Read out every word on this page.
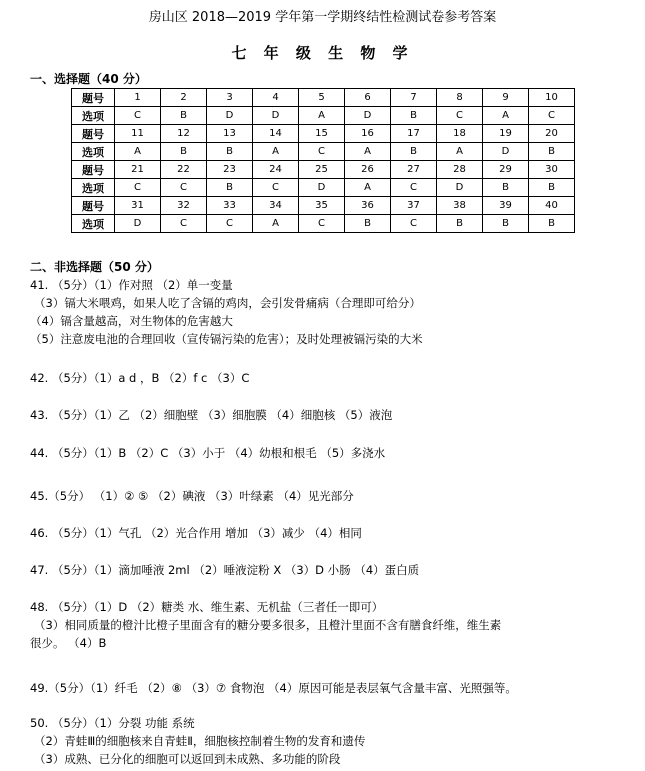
房山区 2018—2019 学年第一学期终结性检测试卷参考答案
七 年 级 生 物 学
一、选择题（40 分）
题号	1	2	3	4	5	6	7	8	9	10
选项	C	B	D	D	A	D	B	C	A	C
题号	11	12	13	14	15	16	17	18	19	20
选项	A	B	B	A	C	A	B	A	D	B
题号	21	22	23	24	25	26	27	28	29	30
选项	C	C	B	C	D	A	C	D	B	B
题号	31	32	33	34	35	36	37	38	39	40
选项	D	C	C	A	C	B	C	B	B	B
二、非选择题（50 分）
41. （5分）（1）作对照 （2）单一变量
（3）镉大米喂鸡，如果人吃了含镉的鸡肉，会引发骨痛病（合理即可给分）
（4）镉含量越高，对生物体的危害越大
（5）注意废电池的合理回收（宣传镉污染的危害）；及时处理被镉污染的大米
42. （5分）（1）a d ，B （2）f c （3）C
43. （5分）（1）乙 （2）细胞壁 （3）细胞膜 （4）细胞核 （5）液泡
44. （5分）（1）B （2）C （3）小于 （4）幼根和根毛 （5）多浇水
45.（5分） （1）② ⑤ （2）碘液 （3）叶绿素 （4）见光部分
46. （5分）（1）气孔 （2）光合作用 增加 （3）减少 （4）相同
47. （5分）（1）滴加唾液 2ml （2）唾液淀粉 X （3）D 小肠 （4）蛋白质
48. （5分）（1）D （2）糖类 水、维生素、无机盐（三者任一即可）
（3）相同质量的橙汁比橙子里面含有的糖分要多很多，且橙汁里面不含有膳食纤维，维生素
很少。 （4）B
49.（5分）（1）纤毛 （2）⑧ （3）⑦ 食物泡 （4）原因可能是表层氧气含量丰富、光照强等。
50. （5分）（1）分裂 功能 系统
（2）青蛙Ⅲ的细胞核来自青蛙Ⅱ，细胞核控制着生物的发育和遗传
（3）成熟、已分化的细胞可以返回到未成熟、多功能的阶段
